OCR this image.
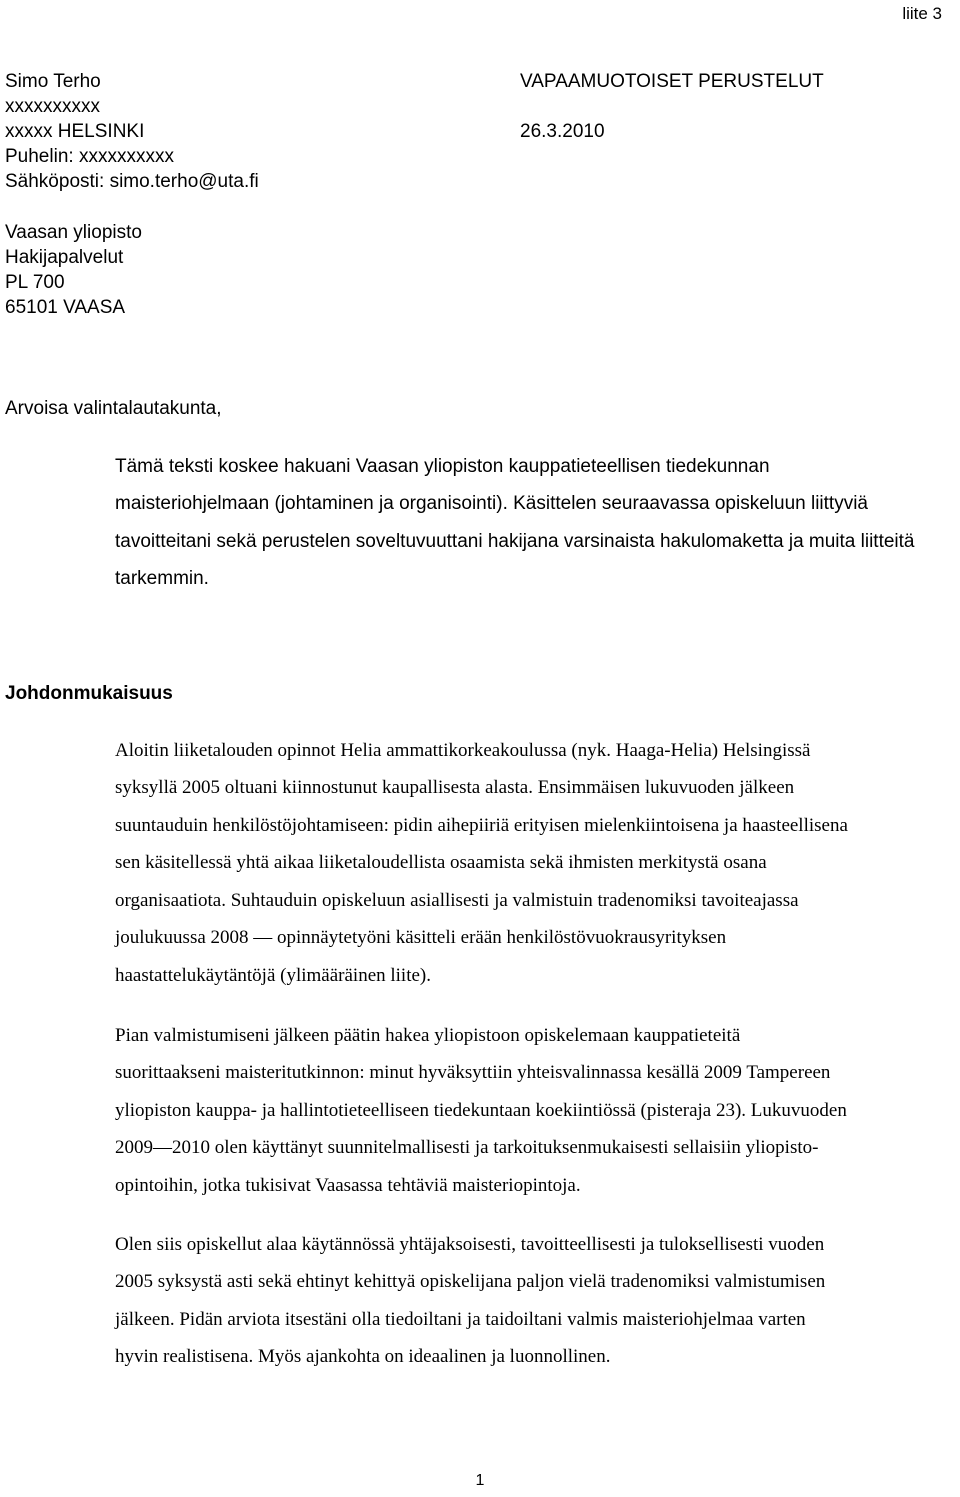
liite 3
Simo Terho
xxxxxxxxxx
xxxxx HELSINKI
Puhelin: xxxxxxxxxx
Sähköposti: simo.terho@uta.fi
VAPAAMUOTOISET PERUSTELUT
26.3.2010
Vaasan yliopisto
Hakijapalvelut
PL 700
65101 VAASA
Arvoisa valintalautakunta,
Tämä teksti koskee hakuani Vaasan yliopiston kauppatieteellisen tiedekunnan
maisteriohjelmaan (johtaminen ja organisointi). Käsittelen seuraavassa opiskeluun liittyviä
tavoitteitani sekä perustelen soveltuvuuttani hakijana varsinaista hakulomaketta ja muita liitteitä
tarkemmin.
Johdonmukaisuus
Aloitin liiketalouden opinnot Helia ammattikorkeakoulussa (nyk. Haaga-Helia) Helsingissä
syksyllä 2005 oltuani kiinnostunut kaupallisesta alasta. Ensimmäisen lukuvuoden jälkeen
suuntauduin henkilöstöjohtamiseen: pidin aihepiiriä erityisen mielenkiintoisena ja haasteellisena
sen käsitellessä yhtä aikaa liiketaloudellista osaamista sekä ihmisten merkitystä osana
organisaatiota. Suhtauduin opiskeluun asiallisesti ja valmistuin tradenomiksi tavoiteajassa
joulukuussa 2008 — opinnäytetyöni käsitteli erään henkilöstövuokrausyrityksen
haastattelukäytäntöjä (ylimääräinen liite).
Pian valmistumiseni jälkeen päätin hakea yliopistoon opiskelemaan kauppatieteitä
suorittaakseni maisteritutkinnon: minut hyväksyttiin yhteisvalinnassa kesällä 2009 Tampereen
yliopiston kauppa- ja hallintotieteelliseen tiedekuntaan koekiintiössä (pisteraja 23). Lukuvuoden
2009—2010 olen käyttänyt suunnitelmallisesti ja tarkoituksenmukaisesti sellaisiin yliopisto-
opintoihin, jotka tukisivat Vaasassa tehtäviä maisteriopintoja.
Olen siis opiskellut alaa käytännössä yhtäjaksoisesti, tavoitteellisesti ja tuloksellisesti vuoden
2005 syksystä asti sekä ehtinyt kehittyä opiskelijana paljon vielä tradenomiksi valmistumisen
jälkeen. Pidän arviota itsestäni olla tiedoiltani ja taidoiltani valmis maisteriohjelmaa varten
hyvin realistisena. Myös ajankohta on ideaalinen ja luonnollinen.
1
